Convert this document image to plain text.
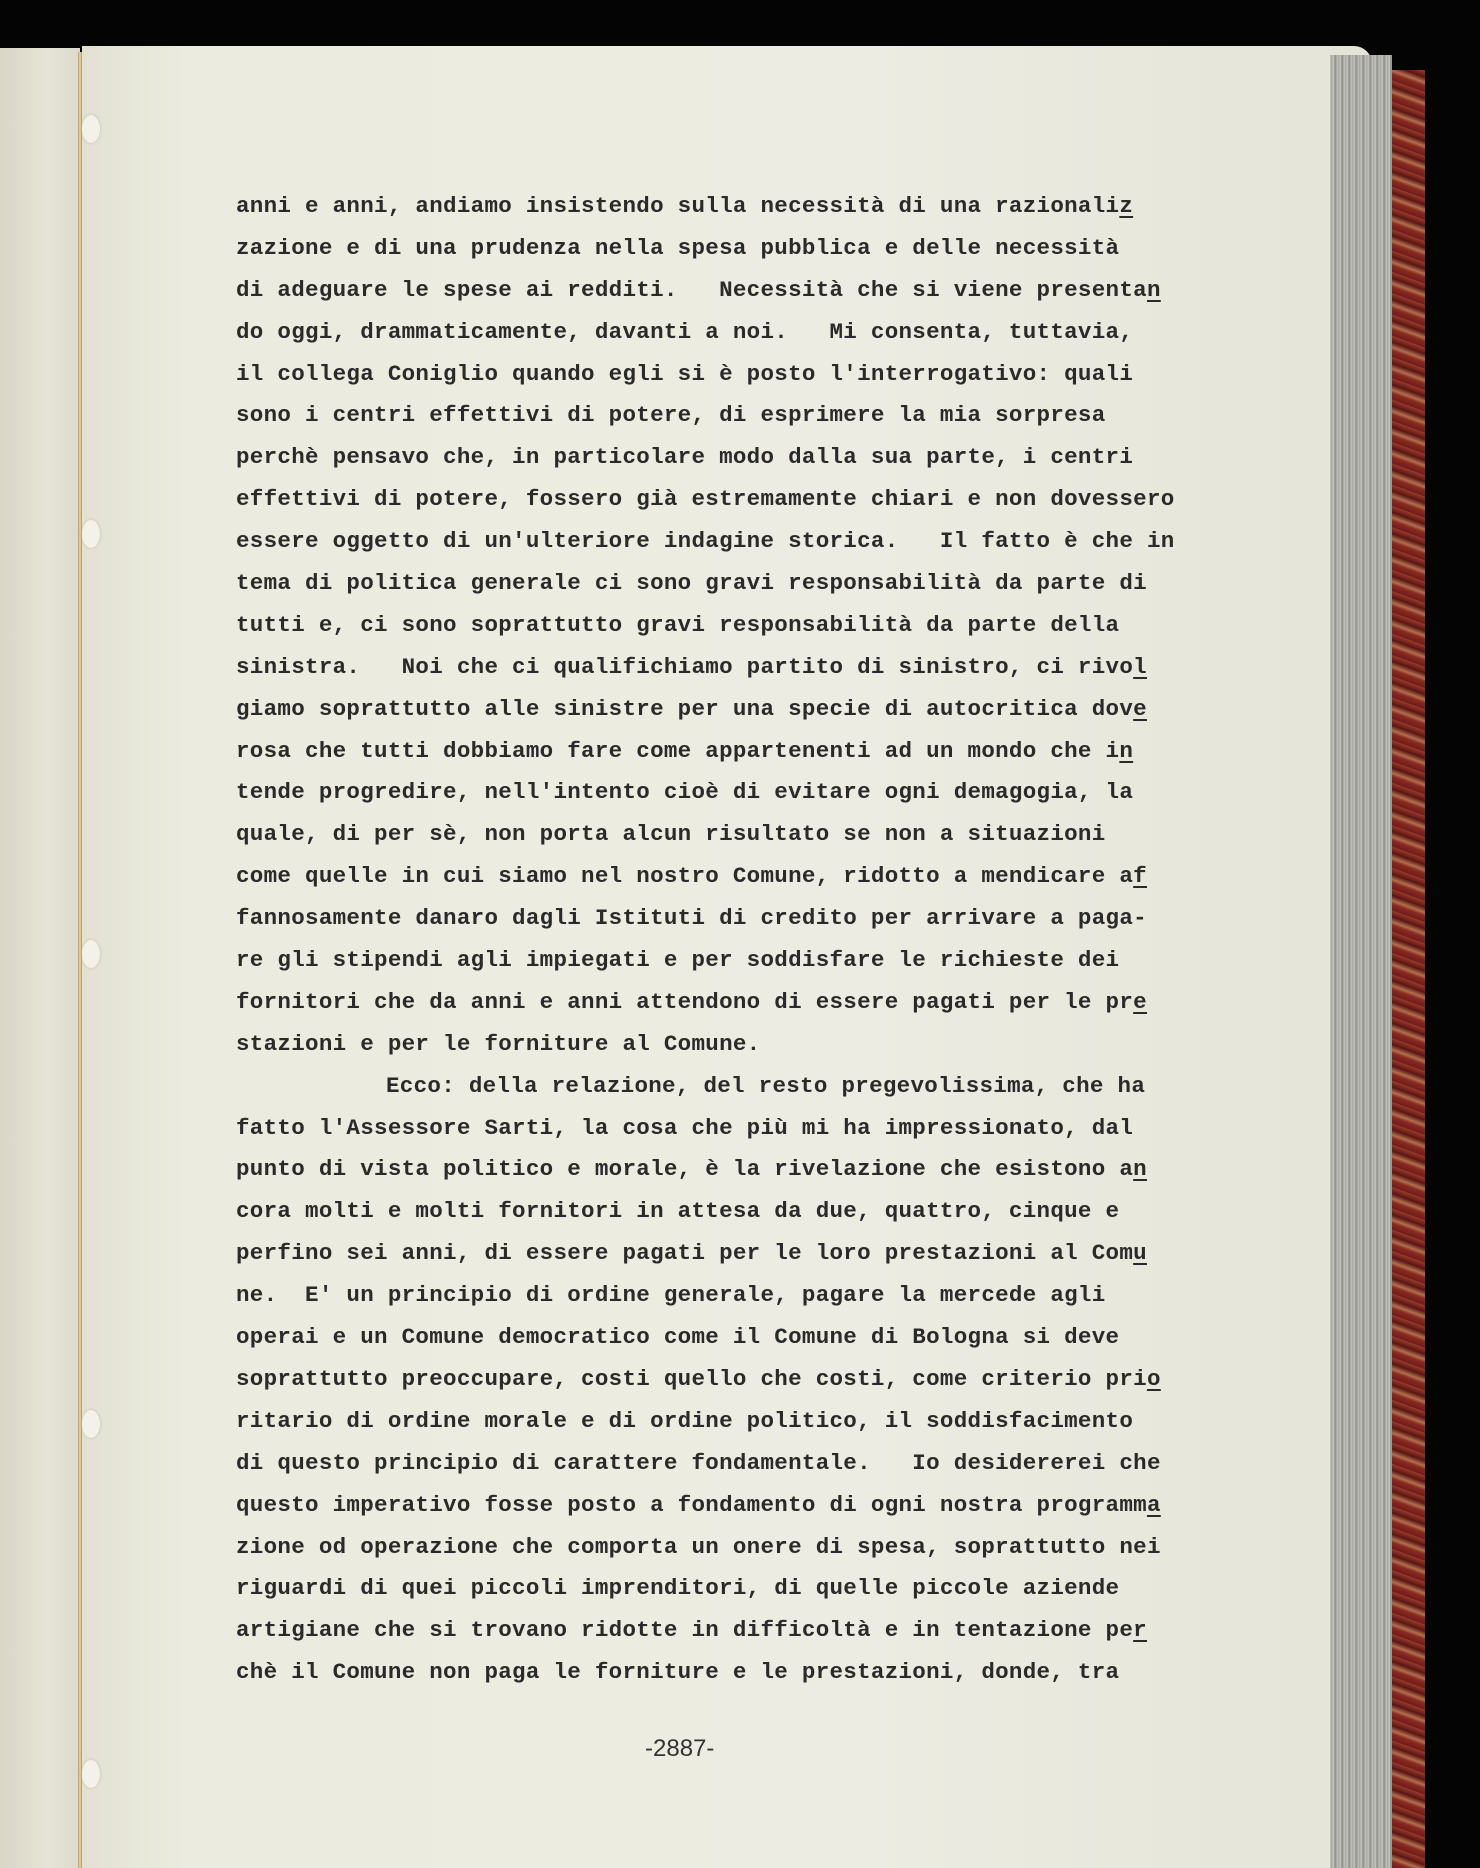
anni e anni, andiamo insistendo sulla necessità di una razionaliz
zazione e di una prudenza nella spesa pubblica e delle necessità
di adeguare le spese ai redditi.   Necessità che si viene presentan
do oggi, drammaticamente, davanti a noi.   Mi consenta, tuttavia,
il collega Coniglio quando egli si è posto l'interrogativo: quali
sono i centri effettivi di potere, di esprimere la mia sorpresa
perchè pensavo che, in particolare modo dalla sua parte, i centri
effettivi di potere, fossero già estremamente chiari e non dovessero
essere oggetto di un'ulteriore indagine storica.   Il fatto è che in
tema di politica generale ci sono gravi responsabilità da parte di
tutti e, ci sono soprattutto gravi responsabilità da parte della
sinistra.   Noi che ci qualifichiamo partito di sinistro, ci rivol
giamo soprattutto alle sinistre per una specie di autocritica dove
rosa che tutti dobbiamo fare come appartenenti ad un mondo che in
tende progredire, nell'intento cioè di evitare ogni demagogia, la
quale, di per sè, non porta alcun risultato se non a situazioni
come quelle in cui siamo nel nostro Comune, ridotto a mendicare af
fannosamente danaro dagli Istituti di credito per arrivare a paga-
re gli stipendi agli impiegati e per soddisfare le richieste dei
fornitori che da anni e anni attendono di essere pagati per le pre
stazioni e per le forniture al Comune.
Ecco: della relazione, del resto pregevolissima, che ha
fatto l'Assessore Sarti, la cosa che più mi ha impressionato, dal
punto di vista politico e morale, è la rivelazione che esistono an
cora molti e molti fornitori in attesa da due, quattro, cinque e
perfino sei anni, di essere pagati per le loro prestazioni al Comu
ne.  E' un principio di ordine generale, pagare la mercede agli
operai e un Comune democratico come il Comune di Bologna si deve
soprattutto preoccupare, costi quello che costi, come criterio prio
ritario di ordine morale e di ordine politico, il soddisfacimento
di questo principio di carattere fondamentale.   Io desidererei che
questo imperativo fosse posto a fondamento di ogni nostra programma
zione od operazione che comporta un onere di spesa, soprattutto nei
riguardi di quei piccoli imprenditori, di quelle piccole aziende
artigiane che si trovano ridotte in difficoltà e in tentazione per
chè il Comune non paga le forniture e le prestazioni, donde, tra
-2887-
